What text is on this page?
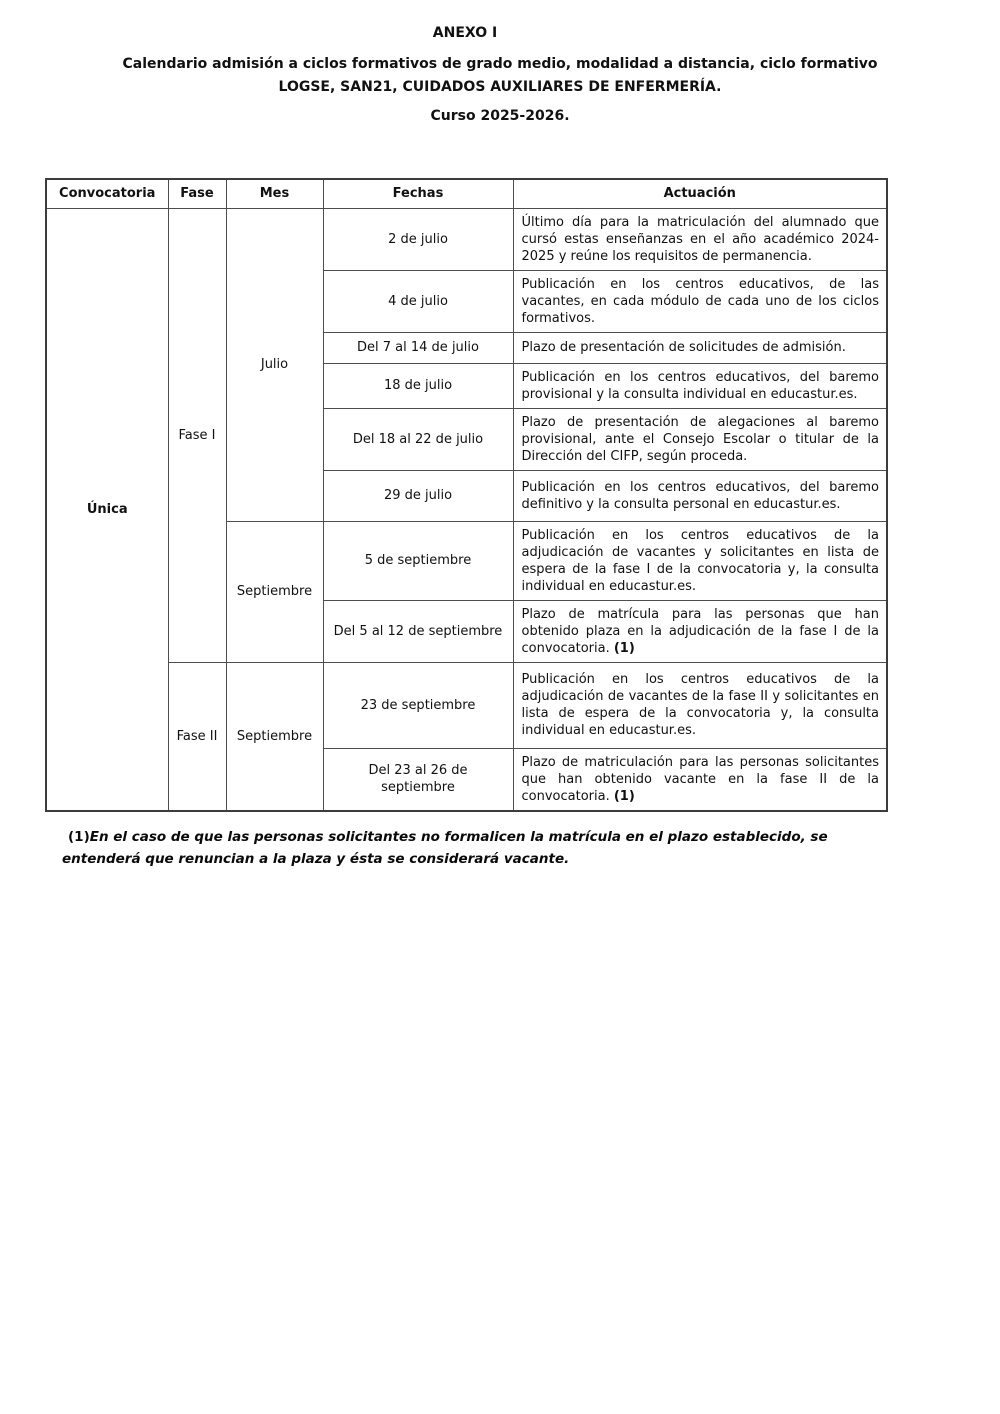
ANEXO I
Calendario admisión a ciclos formativos de grado medio, modalidad a distancia, ciclo formativo
LOGSE, SAN21, CUIDADOS AUXILIARES DE ENFERMERÍA.
Curso 2025-2026.
Convocatoria	Fase	Mes	Fechas	Actuación
Única	Fase I	Julio	2 de julio	Último día para la matriculación del alumnado que cursó estas enseñanzas en el año académico 2024-2025 y reúne los requisitos de permanencia.
			4 de julio	Publicación en los centros educativos, de las vacantes, en cada módulo de cada uno de los ciclos formativos.
			Del 7 al 14 de julio	Plazo de presentación de solicitudes de admisión.
			18 de julio	Publicación en los centros educativos, del baremo provisional y la consulta individual en educastur.es.
			Del 18 al 22 de julio	Plazo de presentación de alegaciones al baremo provisional, ante el Consejo Escolar o titular de la Dirección del CIFP, según proceda.
			29 de julio	Publicación en los centros educativos, del baremo definitivo y la consulta personal en educastur.es.
		Septiembre	5 de septiembre	Publicación en los centros educativos de la adjudicación de vacantes y solicitantes en lista de espera de la fase I de la convocatoria y, la consulta individual en educastur.es.
			Del 5 al 12 de septiembre	Plazo de matrícula para las personas que han obtenido plaza en la adjudicación de la fase I de la convocatoria. (1)
	Fase II	Septiembre	23 de septiembre	Publicación en los centros educativos de la adjudicación de vacantes de la fase II y solicitantes en lista de espera de la convocatoria y, la consulta individual en educastur.es.
			Del 23 al 26 de septiembre	Plazo de matriculación para las personas solicitantes que han obtenido vacante en la fase II de la convocatoria. (1)

(1)En el caso de que las personas solicitantes no formalicen la matrícula en el plazo establecido, se entenderá que renuncian a la plaza y ésta se considerará vacante.
